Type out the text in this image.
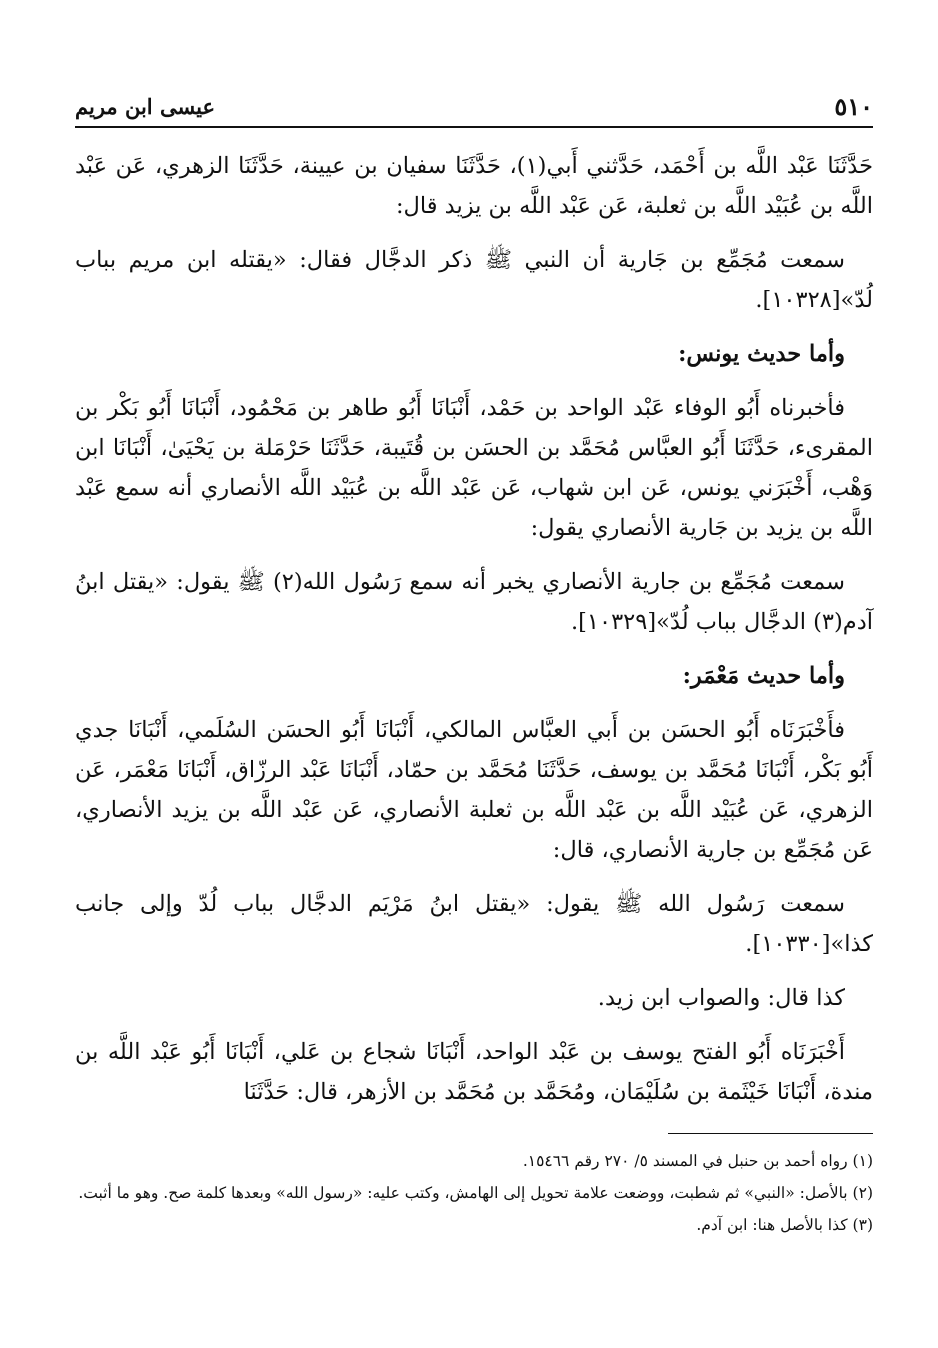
٥١٠
عيسى ابن مريم

حَدَّثَنَا عَبْد اللَّه بن أَحْمَد، حَدَّثني أَبي(١)، حَدَّثَنَا سفيان بن عيينة، حَدَّثَنَا الزهري، عَن عَبْد اللَّه بن عُبَيْد اللَّه بن ثعلبة، عَن عَبْد اللَّه بن يزيد قال:

سمعت مُجَمِّع بن جَارية أن النبي ﷺ ذكر الدجَّال فقال: «يقتله ابن مريم بباب لُدّ»[١٠٣٢٨].

وأما حديث يونس:

فأخبرناه أَبُو الوفاء عَبْد الواحد بن حَمْد، أَنْبَانَا أَبُو طاهر بن مَحْمُود، أَنْبَانَا أَبُو بَكْر بن المقرىء، حَدَّثَنَا أَبُو العبَّاس مُحَمَّد بن الحسَن بن قُتَيبة، حَدَّثَنَا حَرْمَلة بن يَحْيَىٰ، أَنْبَانَا ابن وَهْب، أَخْبَرَني يونس، عَن ابن شهاب، عَن عَبْد اللَّه بن عُبَيْد اللَّه الأنصاري أنه سمع عَبْد اللَّه بن يزيد بن جَارية الأنصاري يقول:

سمعت مُجَمِّع بن جارية الأنصاري يخبر أنه سمع رَسُول الله(٢) ﷺ يقول: «يقتل ابنُ آدم(٣) الدجَّال بباب لُدّ»[١٠٣٢٩].

وأما حديث مَعْمَر:

فأَخْبَرَنَاه أَبُو الحسَن بن أَبي العبَّاس المالكي، أَنْبَانَا أَبُو الحسَن السُلَمي، أَنْبَانَا جدي أَبُو بَكْر، أَنْبَانَا مُحَمَّد بن يوسف، حَدَّثَنَا مُحَمَّد بن حمّاد، أَنْبَانَا عَبْد الرزّاق، أَنْبَانَا مَعْمَر، عَن الزهري، عَن عُبَيْد اللَّه بن عَبْد اللَّه بن ثعلبة الأنصاري، عَن عَبْد اللَّه بن يزيد الأنصاري، عَن مُجَمِّع بن جارية الأنصاري، قال:

سمعت رَسُول الله ﷺ يقول: «يقتل ابنُ مَرْيَم الدجَّال بباب لُدّ وإلى جانب كذا»[١٠٣٣٠].

كذا قال: والصواب ابن زيد.

أَخْبَرَنَاه أَبُو الفتح يوسف بن عَبْد الواحد، أَنْبَانَا شجاع بن عَلي، أَنْبَانَا أَبُو عَبْد اللَّه بن مندة، أَنْبَانَا خَيْثَمة بن سُلَيْمَان، ومُحَمَّد بن مُحَمَّد بن الأزهر، قال: حَدَّثَنَا

(١) رواه أحمد بن حنبل في المسند ٥/ ٢٧٠ رقم ١٥٤٦٦.

(٢) بالأصل: «النبي» ثم شطبت، ووضعت علامة تحويل إلى الهامش، وكتب عليه: «رسول الله» وبعدها كلمة صح. وهو ما أثبت.

(٣) كذا بالأصل هنا: ابن آدم.
